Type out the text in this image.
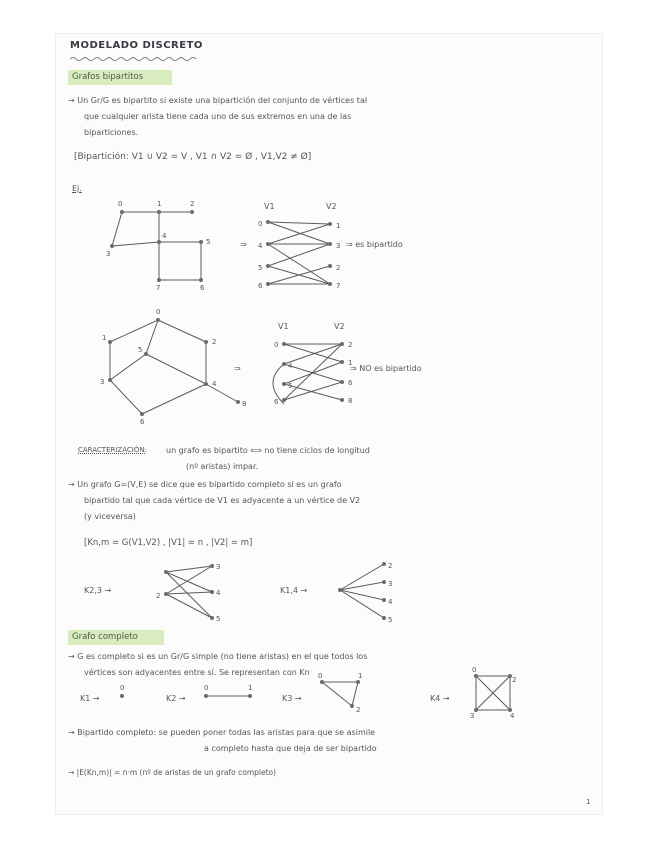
MODELADO DISCRETO
Grafos bipartitos
→ Un Gr/G es bipartito si existe una bipartición del conjunto de vértices tal
que cualquier arista tiene cada uno de sus extremos en una de las
biparticiones.
[Bipartición: V1 ∪ V2 = V , V1 ∩ V2 = Ø , V1,V2 ≠ Ø]
Ej.
0	1	2
3
4
5
7	6
0
4
5
6
1
3
2
7
V1	V2
⇒	⇒ es bipartido
0
2
4
6
3
1
5
8
0
4
5
6
2
1
6
8
V1	V2
⇒	⇒ NO es bipartido
CARACTERIZACIÓN: un grafo es bipartito ⟺ no tiene ciclos de longitud
(nº aristas) impar.
→ Un grafo G=(V,E) se dice que es bipartido completo si es un grafo
bipartido tal que cada vértice de V1 es adyacente a un vértice de V2
(y viceversa)
[Kn,m = G(V1,V2) , |V1| = n , |V2| = m]
K2,3 →
2
3
4
5
K1,4 →
2
3
4
5
Grafo completo
→ G es completo si es un Gr/G simple (no tiene aristas) en el que todos los
vértices son adyacentes entre sí. Se representan con Kn
K1 →
0
K2 →
0	1
K3 →
0	1
2
K4 →
0
2
3	4
→ Bipartido completo: se pueden poner todas las aristas para que se asimile
a completo hasta que deja de ser bipartido
→ |E(Kn,m)| = n·m (nº de aristas de un grafo completo)
1
